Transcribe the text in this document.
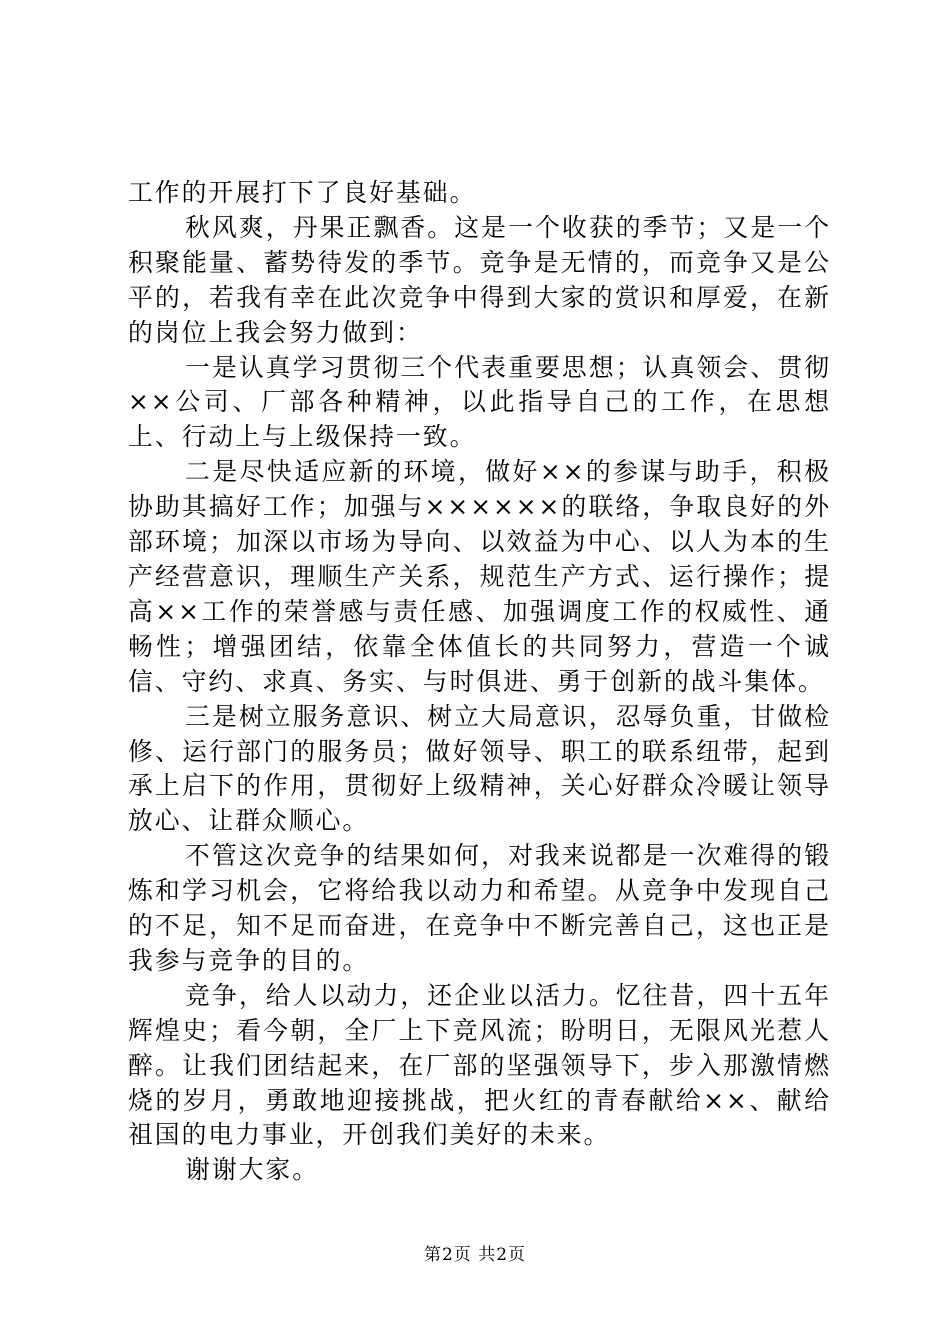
工作的开展打下了良好基础。

秋风爽，丹果正飘香。这是一个收获的季节；又是一个积聚能量、蓄势待发的季节。竞争是无情的，而竞争又是公平的，若我有幸在此次竞争中得到大家的赏识和厚爱，在新的岗位上我会努力做到：

一是认真学习贯彻三个代表重要思想；认真领会、贯彻××公司、厂部各种精神，以此指导自己的工作，在思想上、行动上与上级保持一致。

二是尽快适应新的环境，做好××的参谋与助手，积极协助其搞好工作；加强与××××××的联络，争取良好的外部环境；加深以市场为导向、以效益为中心、以人为本的生产经营意识，理顺生产关系，规范生产方式、运行操作；提高××工作的荣誉感与责任感、加强调度工作的权威性、通畅性；增强团结，依靠全体值长的共同努力，营造一个诚信、守约、求真、务实、与时俱进、勇于创新的战斗集体。

三是树立服务意识、树立大局意识，忍辱负重，甘做检修、运行部门的服务员；做好领导、职工的联系纽带，起到承上启下的作用，贯彻好上级精神，关心好群众冷暖让领导放心、让群众顺心。

不管这次竞争的结果如何，对我来说都是一次难得的锻炼和学习机会，它将给我以动力和希望。从竞争中发现自己的不足，知不足而奋进，在竞争中不断完善自己，这也正是我参与竞争的目的。

竞争，给人以动力，还企业以活力。忆往昔，四十五年辉煌史；看今朝，全厂上下竞风流；盼明日，无限风光惹人醉。让我们团结起来，在厂部的坚强领导下，步入那激情燃烧的岁月，勇敢地迎接挑战，把火红的青春献给××、献给祖国的电力事业，开创我们美好的未来。

谢谢大家。

第2页 共2页
